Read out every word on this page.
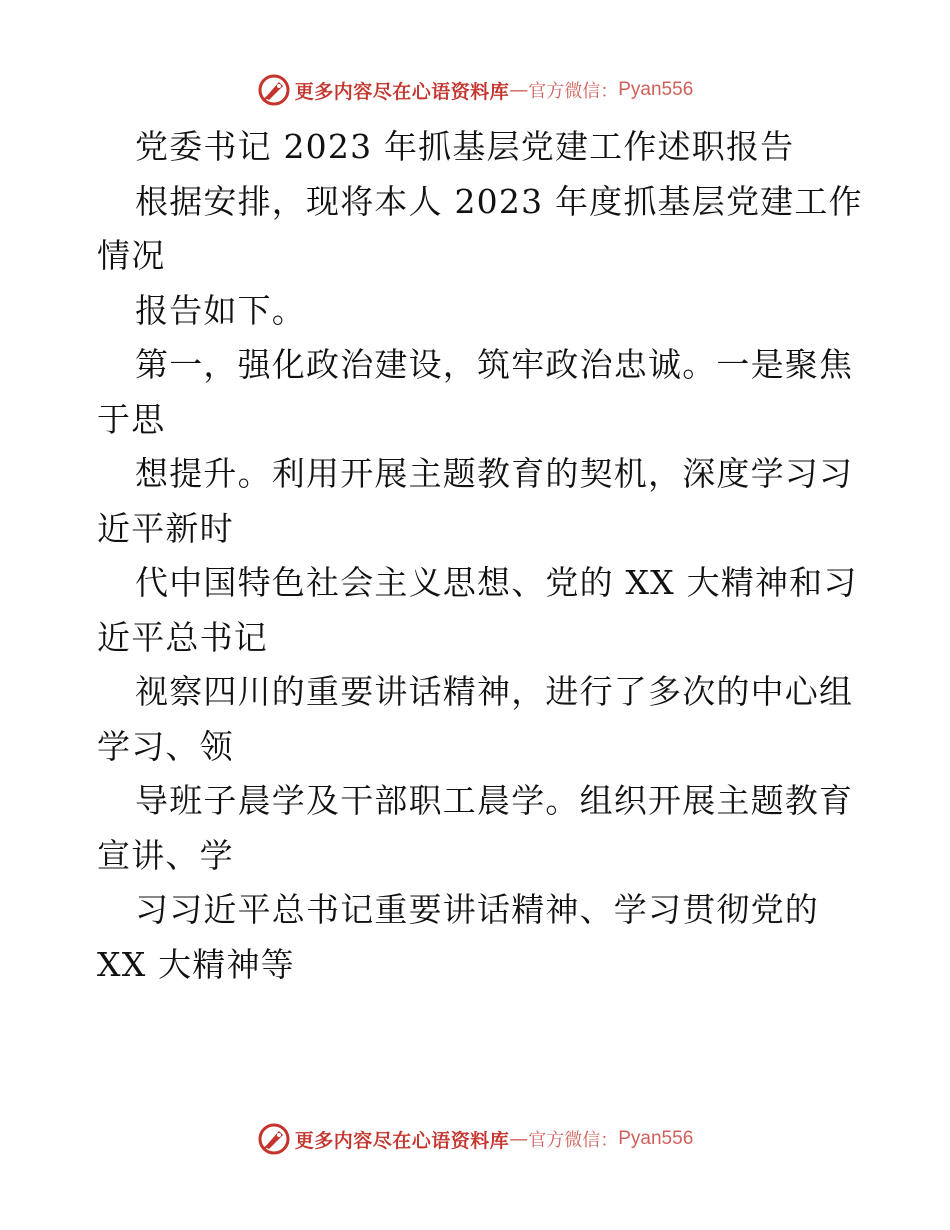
更多内容尽在心语资料库 — 官方微信： Pyan556
党委书记 2023 年抓基层党建工作述职报告
根据安排，现将本人 2023 年度抓基层党建工作
情况
报告如下。
第一，强化政治建设，筑牢政治忠诚。一是聚焦
于思
想提升。利用开展主题教育的契机，深度学习习
近平新时
代中国特色社会主义思想、党的 XX 大精神和习
近平总书记
视察四川的重要讲话精神，进行了多次的中心组
学习、领
导班子晨学及干部职工晨学。组织开展主题教育
宣讲、学
习习近平总书记重要讲话精神、学习贯彻党的
XX 大精神等
更多内容尽在心语资料库 — 官方微信： Pyan556
